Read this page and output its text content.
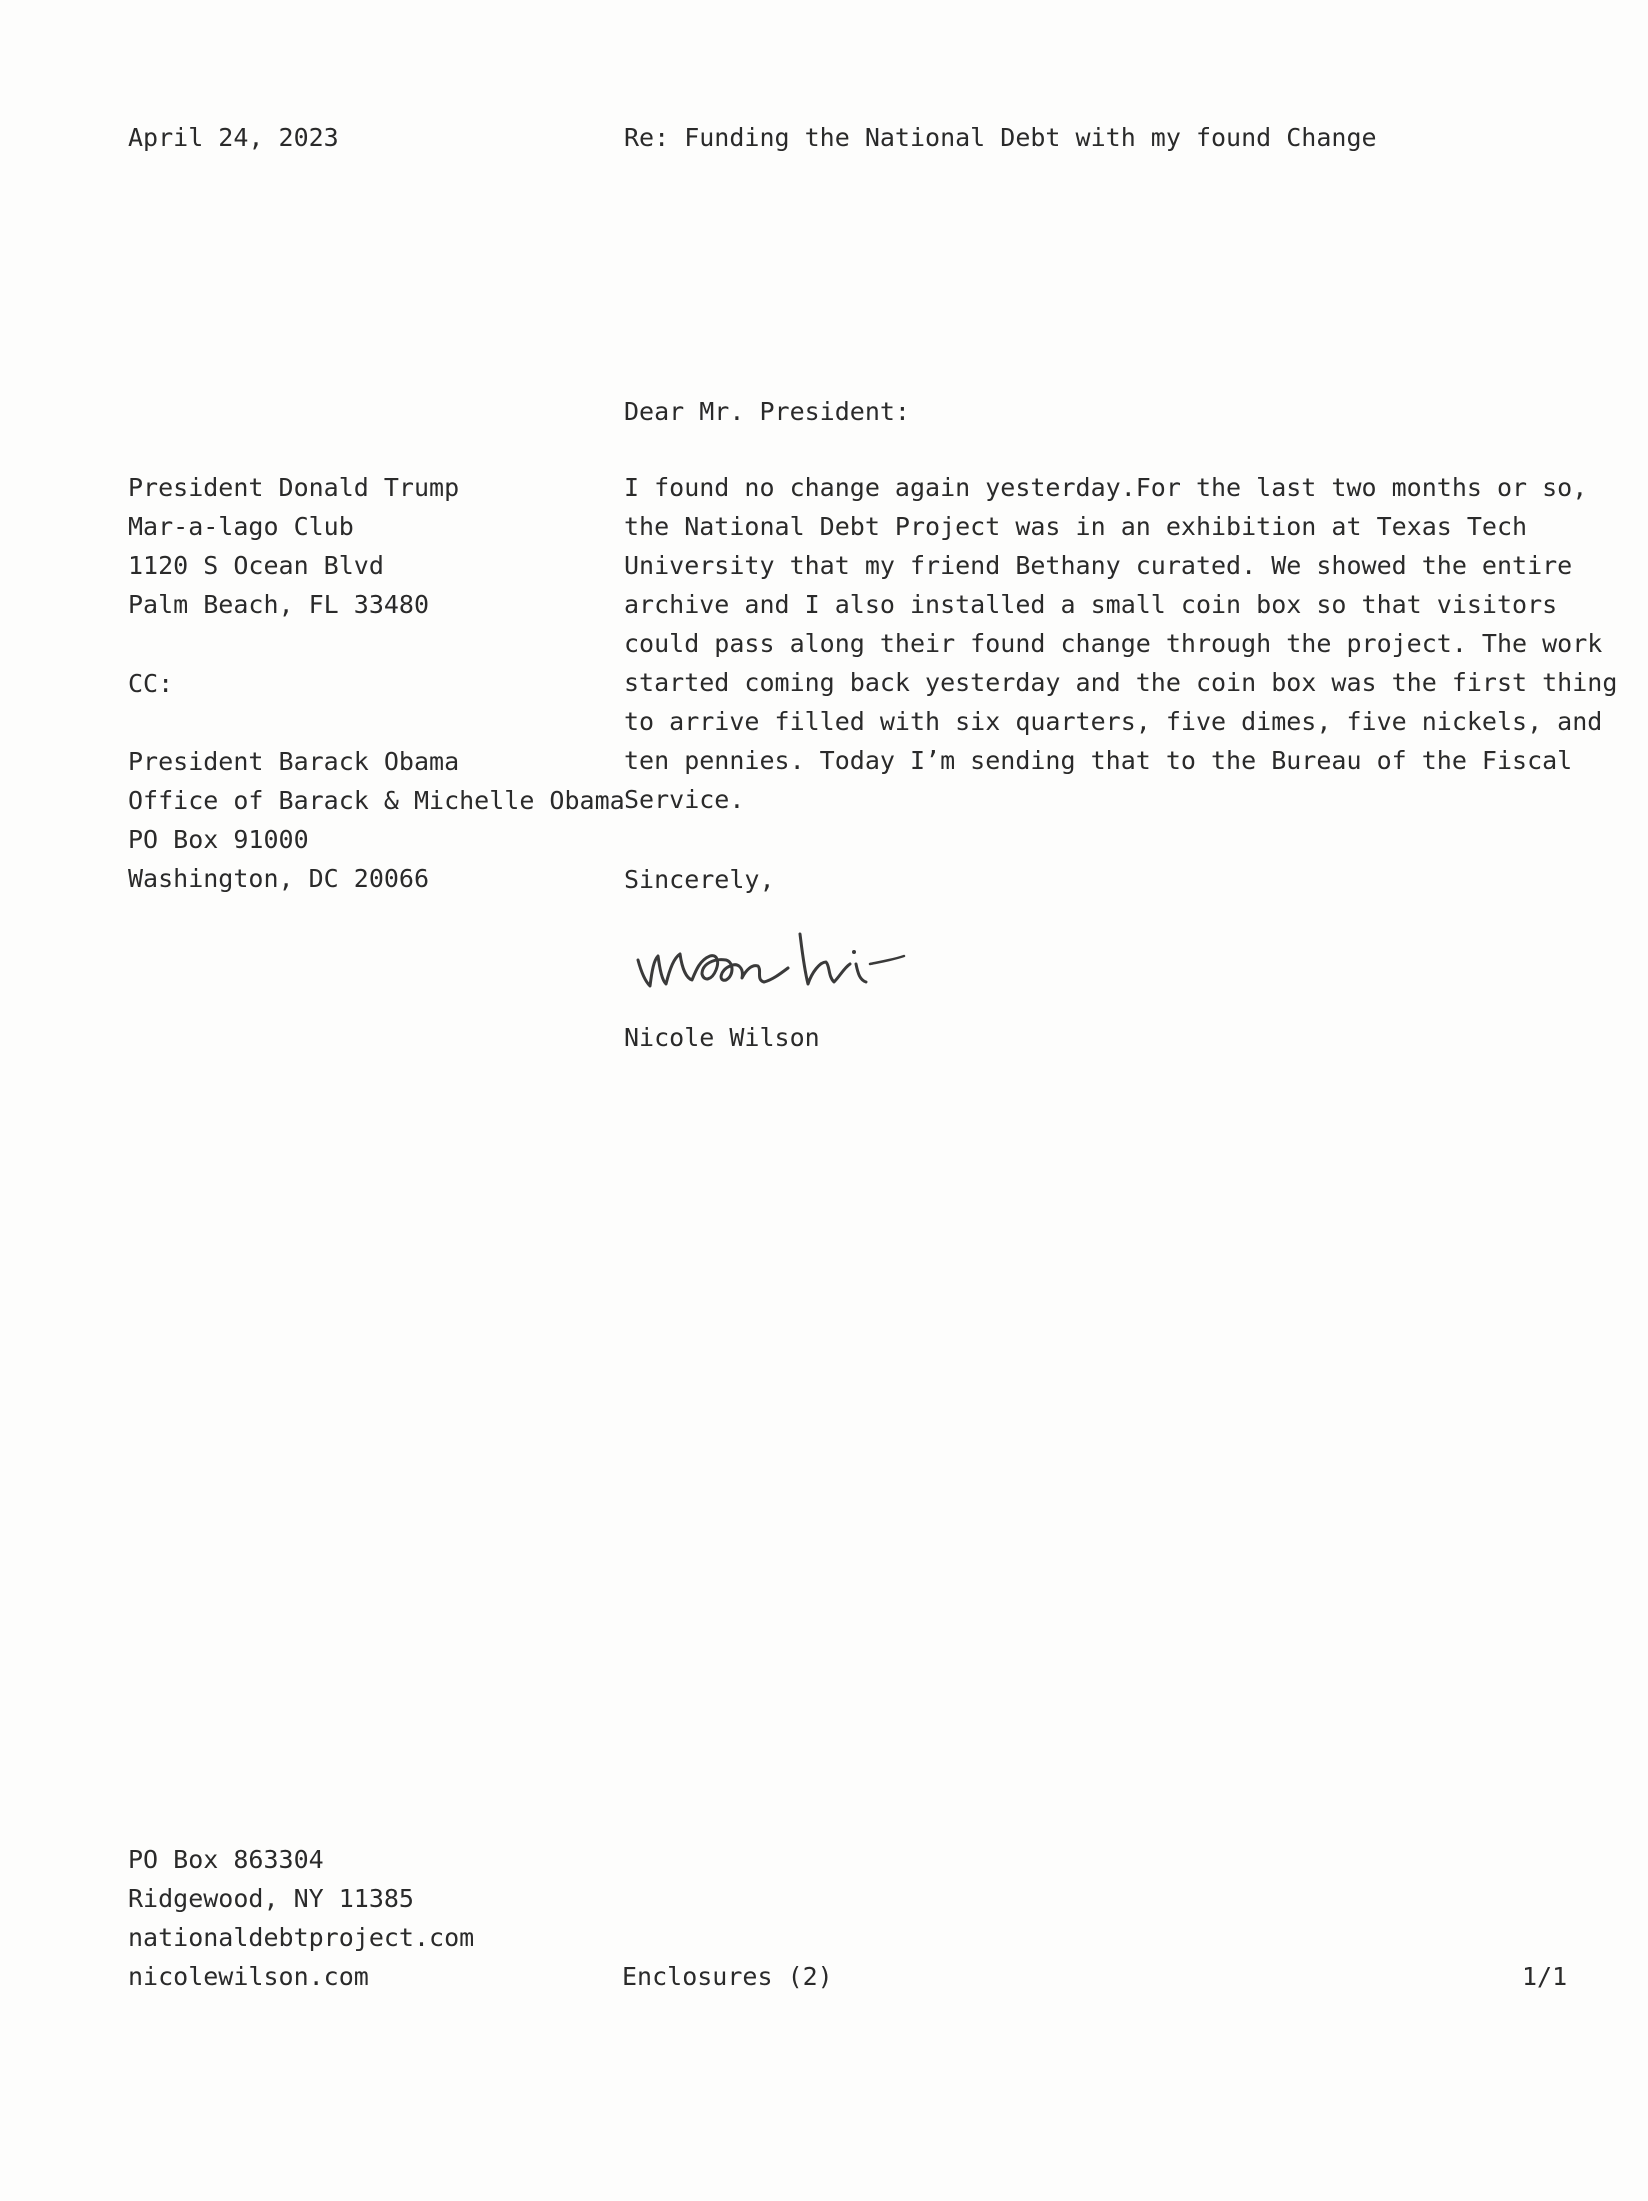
April 24, 2023	Re: Funding the National Debt with my found Change
Dear Mr. President:
President Donald Trump
Mar-a-lago Club
1120 S Ocean Blvd
Palm Beach, FL 33480
CC:
President Barack Obama
Office of Barack & Michelle Obama
PO Box 91000
Washington, DC 20066
I found no change again yesterday.For the last two months or so,
the National Debt Project was in an exhibition at Texas Tech
University that my friend Bethany curated. We showed the entire
archive and I also installed a small coin box so that visitors
could pass along their found change through the project. The work
started coming back yesterday and the coin box was the first thing
to arrive filled with six quarters, five dimes, five nickels, and
ten pennies. Today I’m sending that to the Bureau of the Fiscal
Service.
Sincerely,
Nicole Wilson
PO Box 863304
Ridgewood, NY 11385
nationaldebtproject.com
nicolewilson.com	Enclosures (2)	1/1
